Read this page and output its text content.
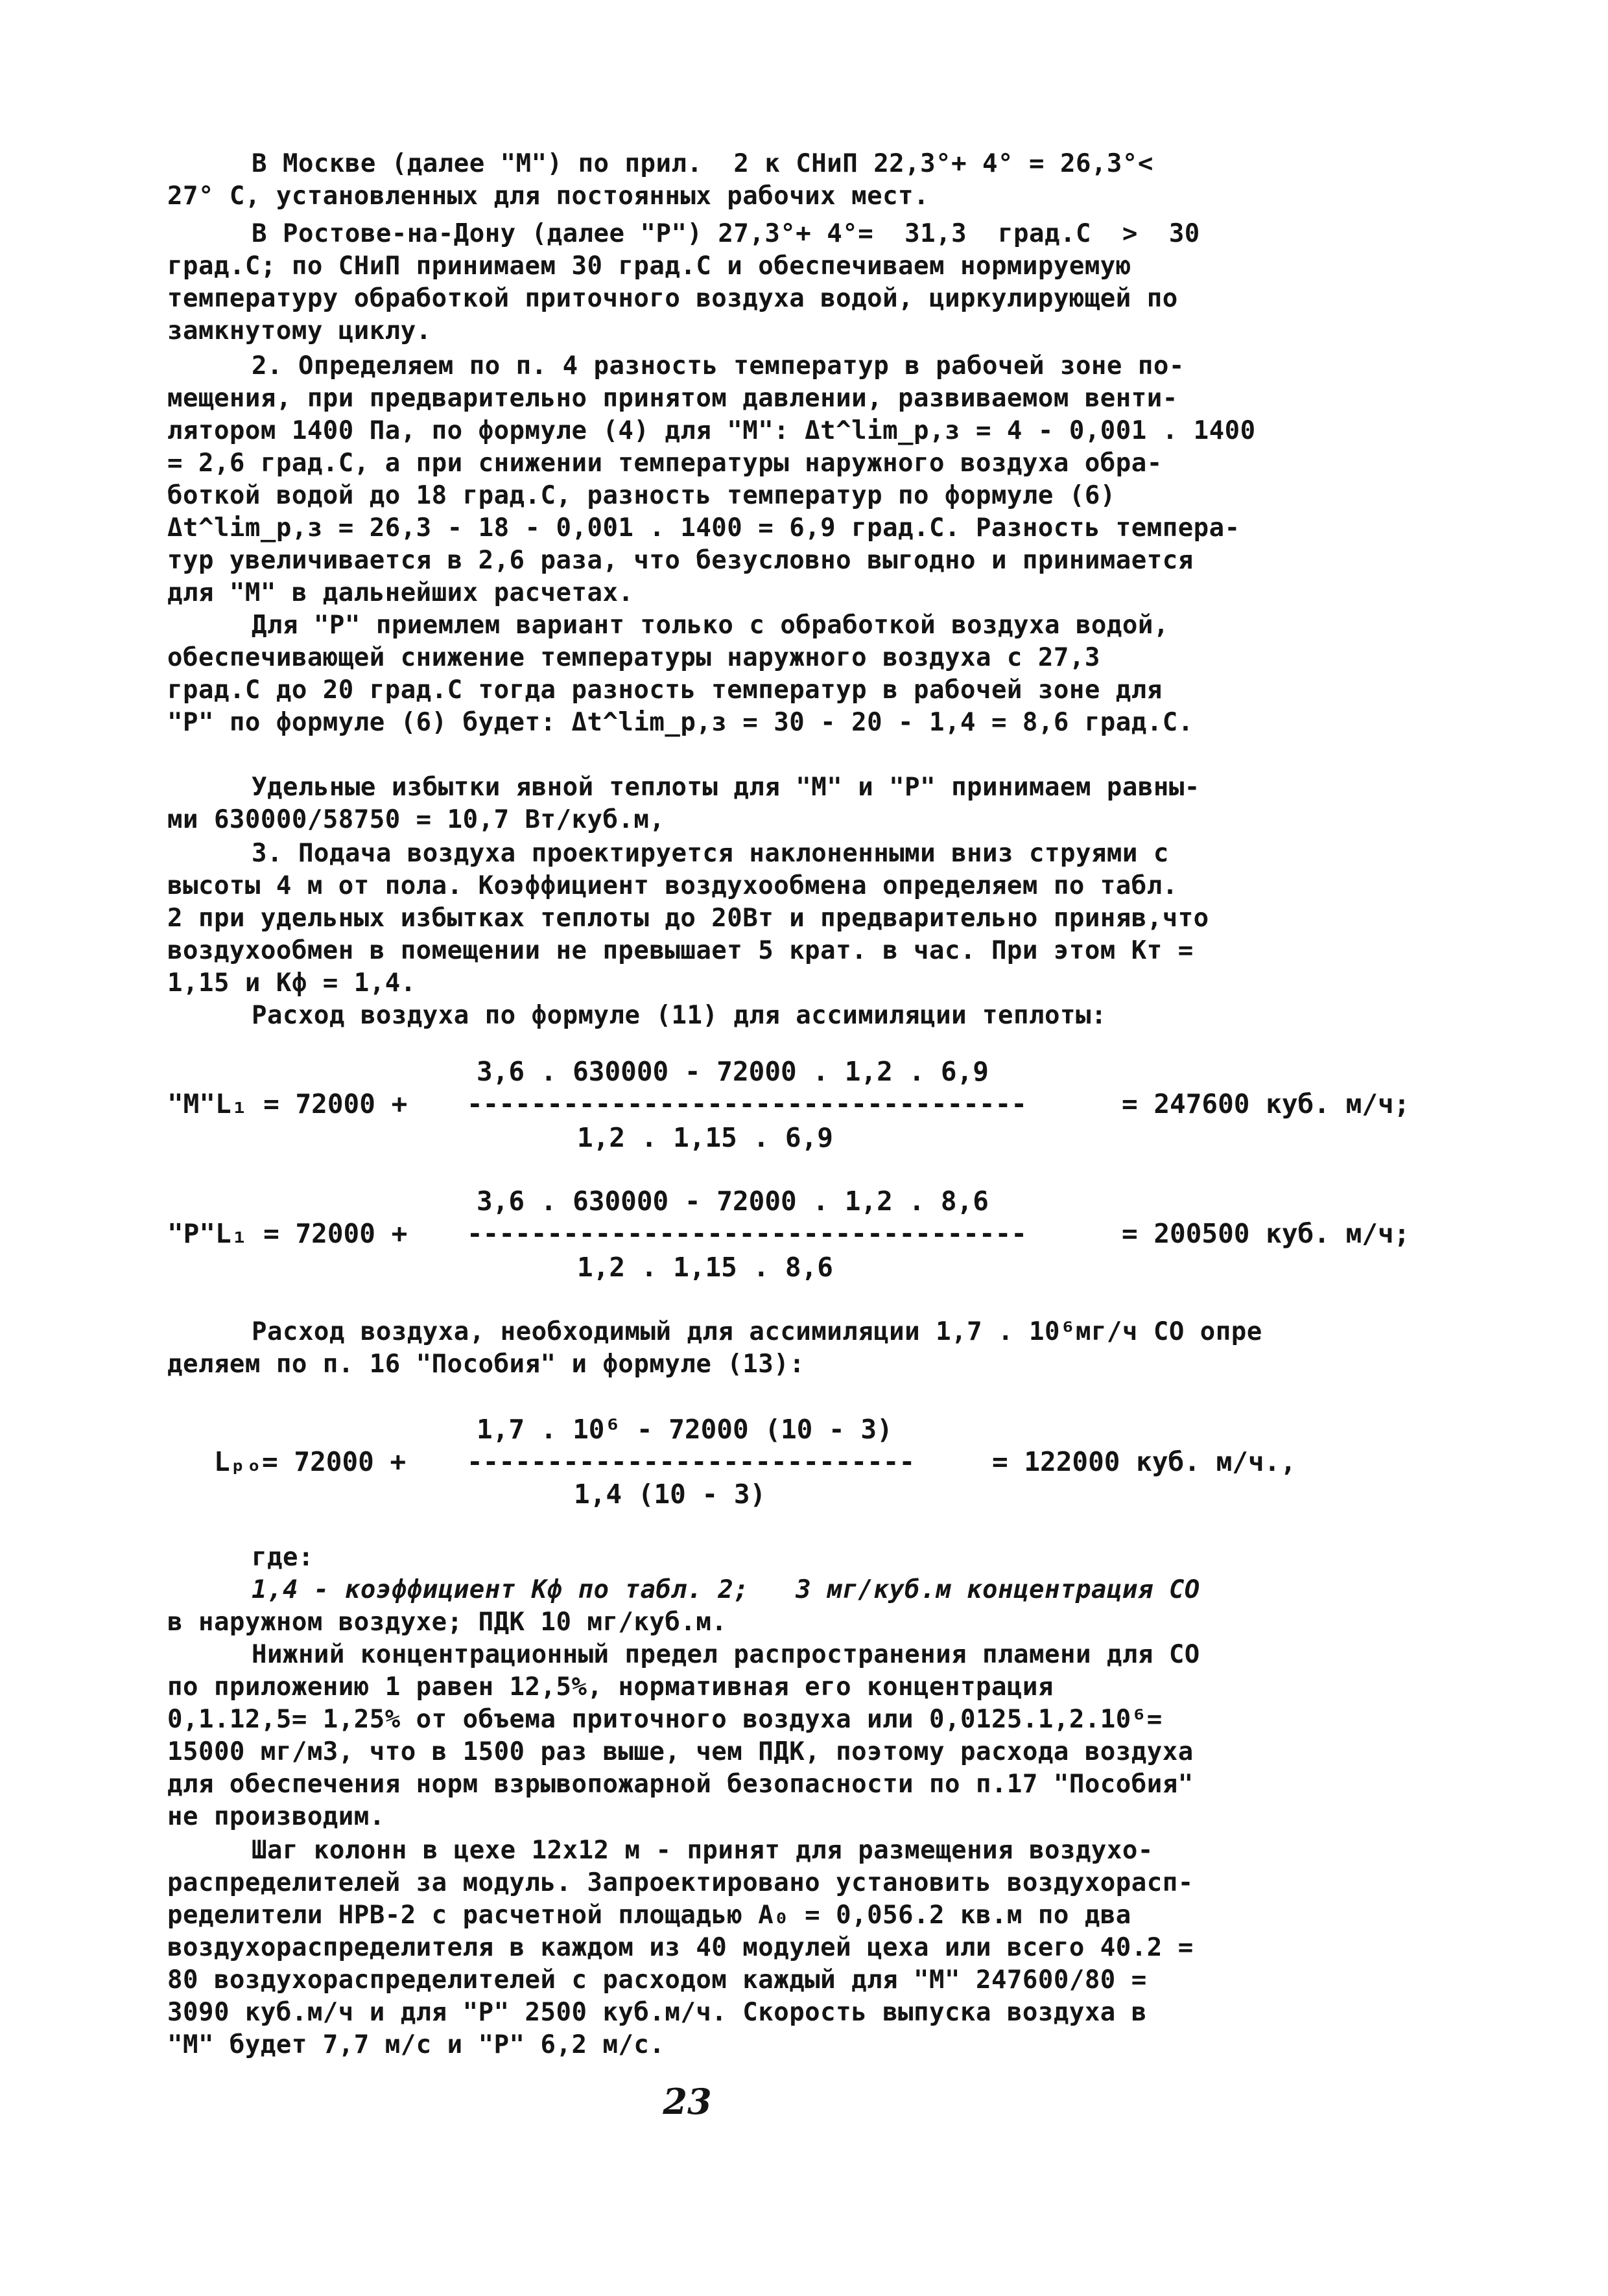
В Москве (далее "М") по прил.  2 к СНиП 22,3°+ 4° = 26,3°<
27° С, установленных для постоянных рабочих мест.
В Ростове-на-Дону (далее "Р") 27,3°+ 4°=  31,3  град.С  >  30
град.С; по СНиП принимаем 30 град.С и обеспечиваем нормируемую
температуру обработкой приточного воздуха водой, циркулирующей по
замкнутому циклу.
2. Определяем по п. 4 разность температур в рабочей зоне по-
мещения, при предварительно принятом давлении, развиваемом венти-
лятором 1400 Па, по формуле (4) для "М": Δt^lim_p,з = 4 - 0,001 . 1400
= 2,6 град.С, а при снижении температуры наружного воздуха обра-
боткой водой до 18 град.С, разность температур по формуле (6)
Δt^lim_p,з = 26,3 - 18 - 0,001 . 1400 = 6,9 град.С. Разность темпера-
тур увеличивается в 2,6 раза, что безусловно выгодно и принимается
для "М" в дальнейших расчетах.
Для "Р" приемлем вариант только с обработкой воздуха водой,
обеспечивающей снижение температуры наружного воздуха с 27,3
град.С до 20 град.С тогда разность температур в рабочей зоне для
"Р" по формуле (6) будет: Δt^lim_p,з = 30 - 20 - 1,4 = 8,6 град.С.
Удельные избытки явной теплоты для "М" и "Р" принимаем равны-
ми 630000/58750 = 10,7 Вт/куб.м,
3. Подача воздуха проектируется наклоненными вниз струями с
высоты 4 м от пола. Коэффициент воздухообмена определяем по табл.
2 при удельных избытках теплоты до 20Вт и предварительно приняв,что
воздухообмен в помещении не превышает 5 крат. в час. При этом Кт =
1,15 и Кф = 1,4.
Расход воздуха по формуле (11) для ассимиляции теплоты:
3,6 . 630000 - 72000 . 1,2 . 6,9
"М"L₁ = 72000 + -----------------------------------	= 247600 куб. м/ч;
1,2 . 1,15 . 6,9
3,6 . 630000 - 72000 . 1,2 . 8,6
"Р"L₁ = 72000 + -----------------------------------	= 200500 куб. м/ч;
1,2 . 1,15 . 8,6
Расход воздуха, необходимый для ассимиляции 1,7 . 10⁶мг/ч СО опре
деляем по п. 16 "Пособия" и формуле (13):
1,7 . 10⁶ - 72000 (10 - 3)
Lₚₒ= 72000 + ----------------------------	= 122000 куб. м/ч.,
1,4 (10 - 3)
где:
1,4 - коэффициент Кф по табл. 2;   3 мг/куб.м концентрация СО
в наружном воздухе; ПДК 10 мг/куб.м.
Нижний концентрационный предел распространения пламени для СО
по приложению 1 равен 12,5%, нормативная его концентрация
0,1.12,5= 1,25% от объема приточного воздуха или 0,0125.1,2.10⁶=
15000 мг/м3, что в 1500 раз выше, чем ПДК, поэтому расхода воздуха
для обеспечения норм взрывопожарной безопасности по п.17 "Пособия"
не производим.
Шаг колонн в цехе 12х12 м - принят для размещения воздухо-
распределителей за модуль. Запроектировано установить воздухорасп-
ределители НРВ-2 с расчетной площадью А₀ = 0,056.2 кв.м по два
воздухораспределителя в каждом из 40 модулей цеха или всего 40.2 =
80 воздухораспределителей с расходом каждый для "М" 247600/80 =
3090 куб.м/ч и для "Р" 2500 куб.м/ч. Скорость выпуска воздуха в
"М" будет 7,7 м/с и "Р" 6,2 м/с.
23
